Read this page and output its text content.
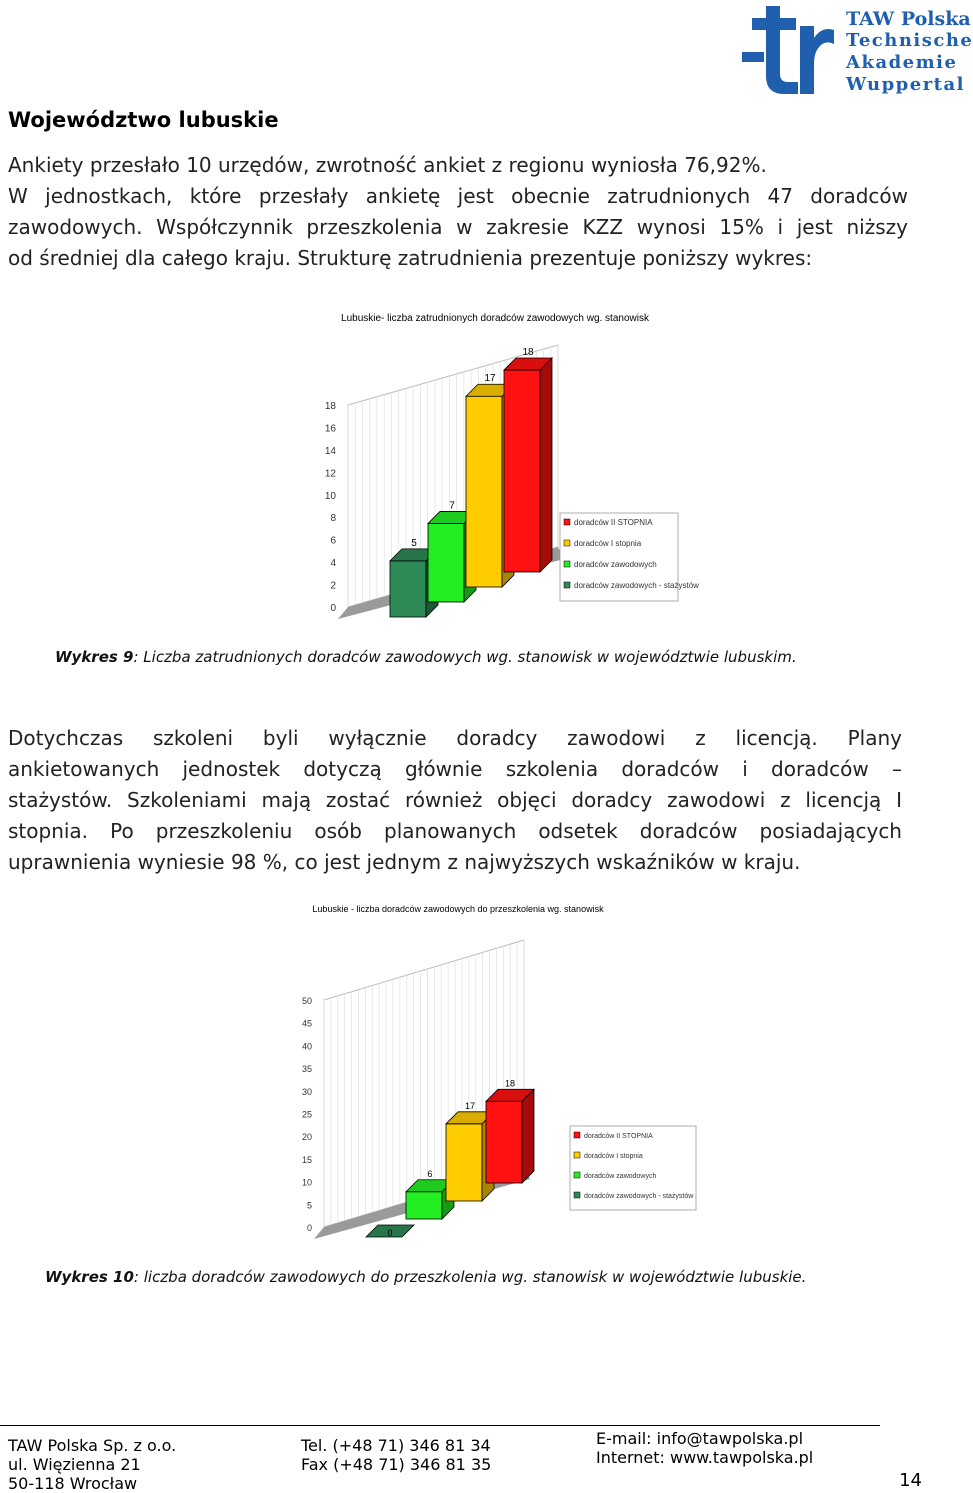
TAW Polska
Technische
Akademie
Wuppertal
Województwo lubuskie

Ankiety przesłało 10 urzędów, zwrotność ankiet z regionu wyniosła 76,92%.

W jednostkach, które przesłały ankietę jest obecnie zatrudnionych 47 doradców

zawodowych. Współczynnik przeszkolenia w zakresie KZZ wynosi 15% i jest niższy

od średniej dla całego kraju. Strukturę zatrudnienia prezentuje poniższy wykres:

Lubuskie- liczba zatrudnionych doradców zawodowych wg. stanowisk
0
2
4
6
8
10
12
14
16
18
5
7
17
18
doradców II STOPNIA
doradców I stopnia
doradców zawodowych
doradców zawodowych - stażystów
Wykres 9: Liczba zatrudnionych doradców zawodowych wg. stanowisk w województwie lubuskim.
Dotychczas szkoleni byli wyłącznie doradcy zawodowi z licencją. Plany
ankietowanych jednostek dotyczą głównie szkolenia doradców i doradców –
stażystów. Szkoleniami mają zostać również objęci doradcy zawodowi z licencją I
stopnia. Po przeszkoleniu osób planowanych odsetek doradców posiadających
uprawnienia wyniesie 98 %, co jest jednym z najwyższych wskaźników w kraju.
Lubuskie - liczba doradców zawodowych do przeszkolenia wg. stanowisk
0
5
10
15
20
25
30
35
40
45
50
0
6
17
18
doradców II STOPNIA
doradców I stopnia
doradców zawodowych
doradców zawodowych - stażystów
Wykres 10: liczba doradców zawodowych do przeszkolenia wg. stanowisk w województwie lubuskie.
TAW Polska Sp. z o.o.
ul. Więzienna 21
50-118 Wrocław
Tel. (+48 71) 346 81 34
Fax (+48 71) 346 81 35
E-mail: info@tawpolska.pl
Internet: www.tawpolska.pl
14
